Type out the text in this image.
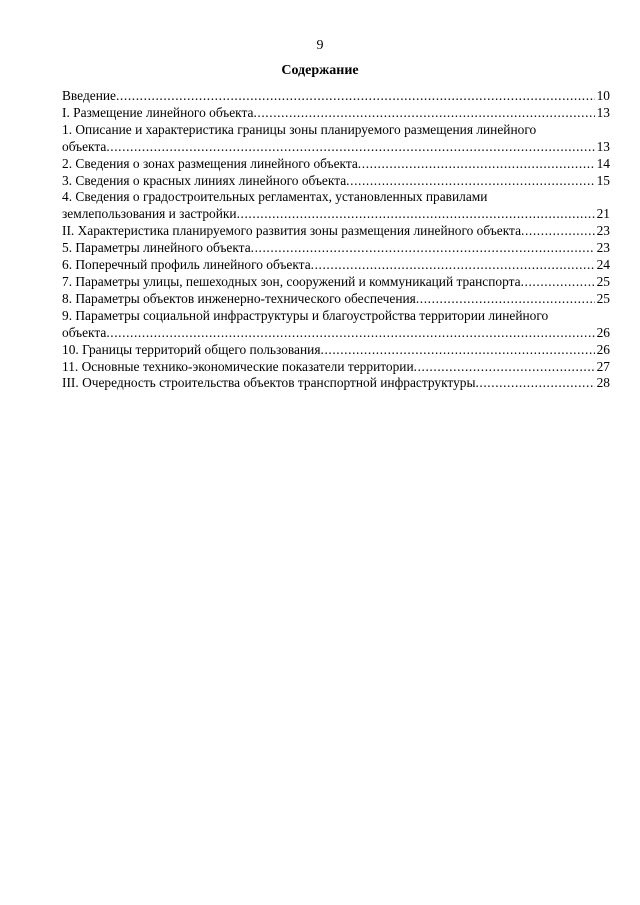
9
Содержание
Введение .....	10
I. Размещение линейного объекта .....	13
1. Описание и характеристика границы зоны планируемого размещения линейного
объекта .....	13
2. Сведения о зонах размещения линейного объекта .....	14
3. Сведения о красных линиях линейного объекта .....	15
4. Сведения о градостроительных регламентах, установленных правилами
землепользования и застройки .....	21
II. Характеристика планируемого развития зоны размещения линейного объекта .....	23
5. Параметры линейного объекта .....	23
6. Поперечный профиль линейного объекта .....	24
7. Параметры улицы, пешеходных зон, сооружений и коммуникаций транспорта .....	25
8. Параметры объектов инженерно-технического обеспечения .....	25
9. Параметры социальной инфраструктуры и благоустройства территории линейного
объекта .....	26
10. Границы территорий общего пользования .....	26
11. Основные технико-экономические показатели территории .....	27
III. Очередность строительства объектов транспортной инфраструктуры .....	28
